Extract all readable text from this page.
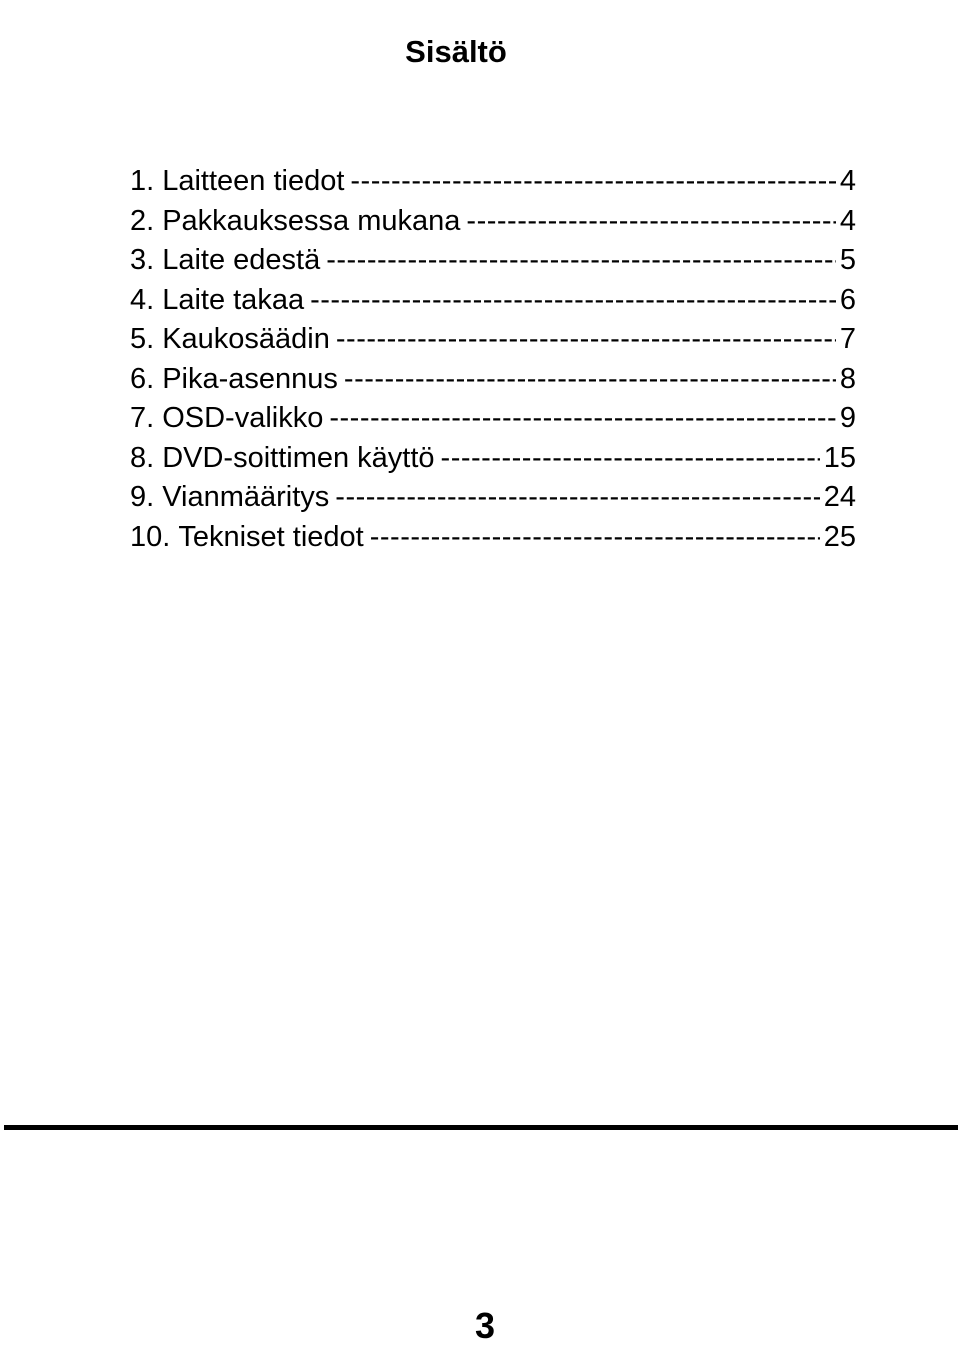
Sisältö
1. Laitteen tiedot -----	4
2. Pakkauksessa mukana -----	4
3. Laite edestä -----	5
4. Laite takaa -----	6
5. Kaukosäädin -----	7
6. Pika-asennus -----	8
7. OSD-valikko -----	9
8. DVD-soittimen käyttö -----	15
9. Vianmääritys -----	24
10. Tekniset tiedot -----	25
3
